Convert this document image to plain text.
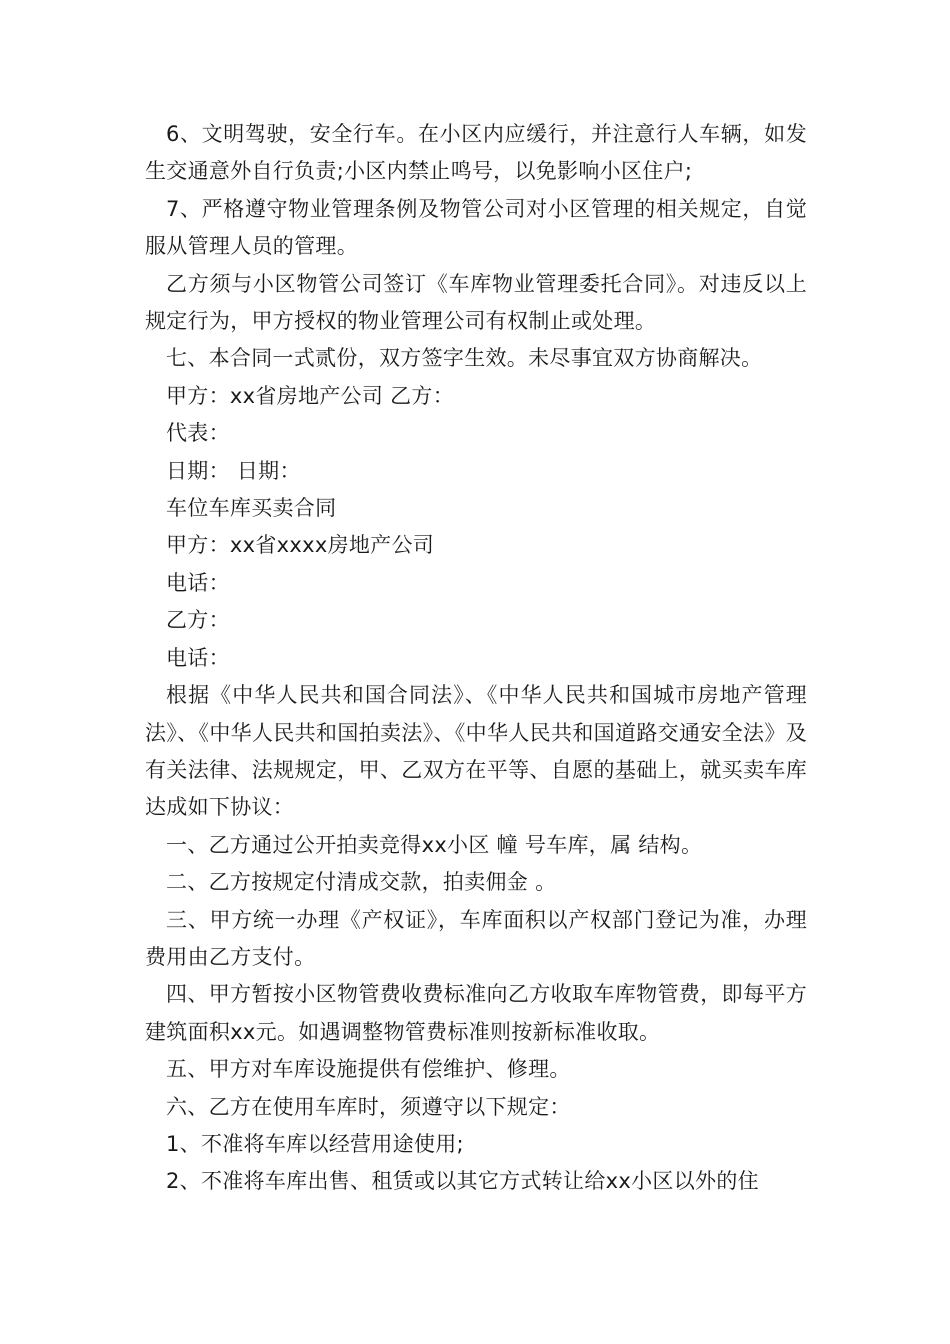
6、文明驾驶，安全行车。在小区内应缓行，并注意行人车辆，如发生交通意外自行负责;小区内禁止鸣号，以免影响小区住户;

7、严格遵守物业管理条例及物管公司对小区管理的相关规定，自觉服从管理人员的管理。

乙方须与小区物管公司签订《车库物业管理委托合同》。对违反以上规定行为，甲方授权的物业管理公司有权制止或处理。

七、本合同一式贰份，双方签字生效。未尽事宜双方协商解决。

甲方：xx省房地产公司 乙方：

代表：

日期： 日期：

车位车库买卖合同

甲方：xx省xxxx房地产公司

电话：

乙方：

电话：

根据《中华人民共和国合同法》、《中华人民共和国城市房地产管理法》、《中华人民共和国拍卖法》、《中华人民共和国道路交通安全法》及有关法律、法规规定，甲、乙双方在平等、自愿的基础上，就买卖车库达成如下协议：

一、乙方通过公开拍卖竞得xx小区 幢 号车库，属 结构。

二、乙方按规定付清成交款，拍卖佣金 。

三、甲方统一办理《产权证》，车库面积以产权部门登记为准，办理费用由乙方支付。

四、甲方暂按小区物管费收费标准向乙方收取车库物管费，即每平方建筑面积xx元。如遇调整物管费标准则按新标准收取。

五、甲方对车库设施提供有偿维护、修理。

六、乙方在使用车库时，须遵守以下规定：

1、不准将车库以经营用途使用;

2、不准将车库出售、租赁或以其它方式转让给xx小区以外的住
